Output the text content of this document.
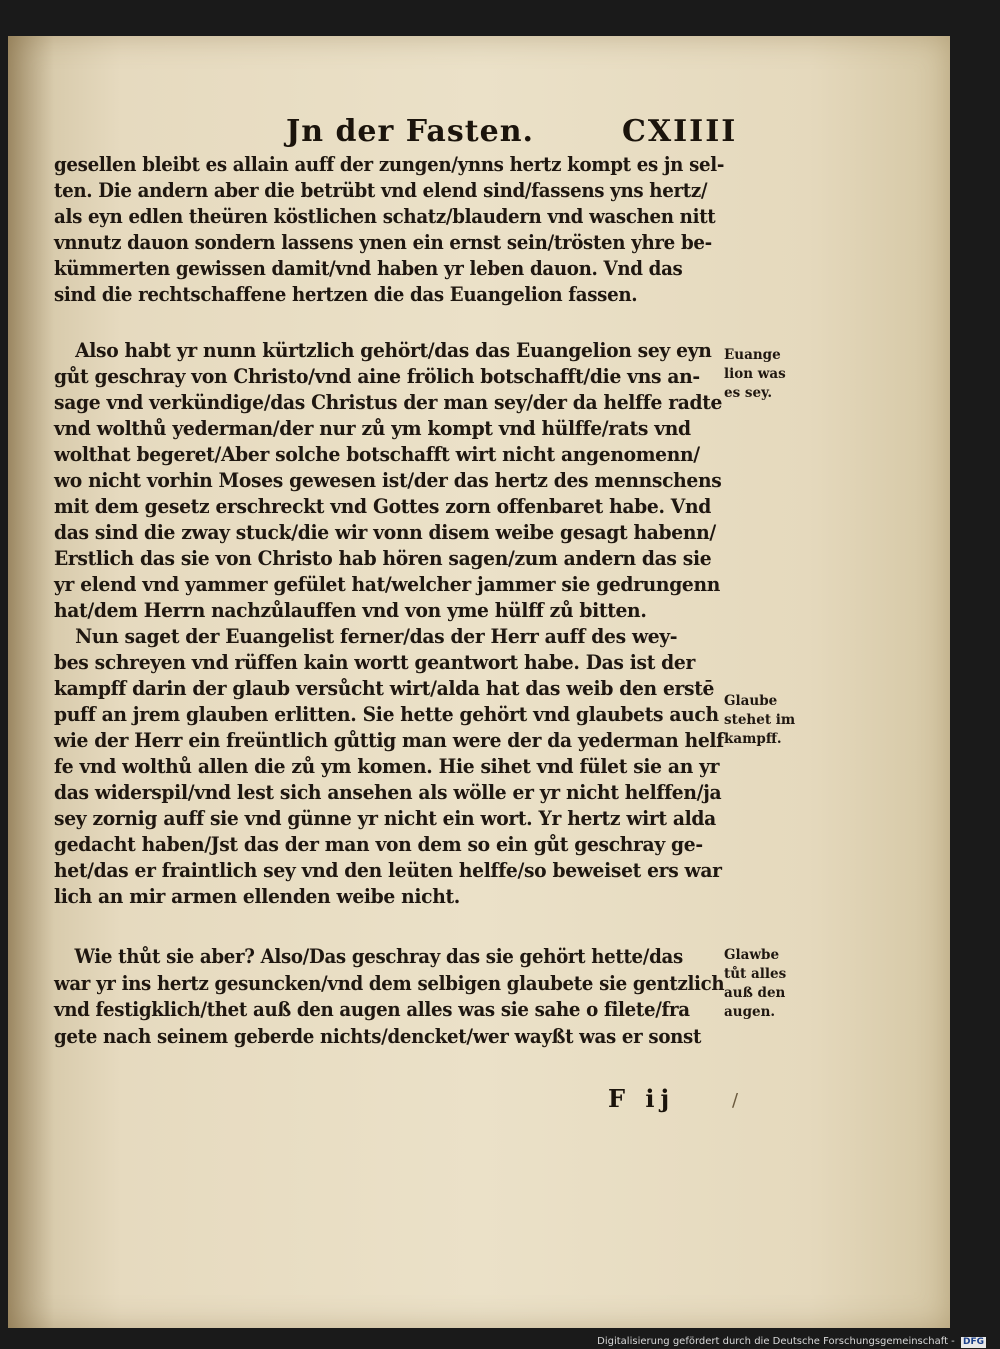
Jn der Fasten.	CXIIII
gesellen bleibt es allain auff der zungen/ynns hertz kompt es jn sel-
ten. Die andern aber die betrübt vnd elend sind/fassens yns hertz/
als eyn edlen theüren köstlichen schatz/blaudern vnd waschen nitt
vnnutz dauon sondern lassens ynen ein ernst sein/trösten yhre be-
kümmerten gewissen damit/vnd haben yr leben dauon. Vnd das
sind die rechtschaffene hertzen die das Euangelion fassen.
Also habt yr nunn kürtzlich gehört/das das Euangelion sey eyn
gůt geschray von Christo/vnd aine frölich botschafft/die vns an-
sage vnd verkündige/das Christus der man sey/der da helffe radte
vnd wolthů yederman/der nur zů ym kompt vnd hülffe/rats vnd
wolthat begeret/Aber solche botschafft wirt nicht angenomenn/
wo nicht vorhin Moses gewesen ist/der das hertz des mennschens
mit dem gesetz erschreckt vnd Gottes zorn offenbaret habe. Vnd
das sind die zway stuck/die wir vonn disem weibe gesagt habenn/
Erstlich das sie von Christo hab hören sagen/zum andern das sie
yr elend vnd yammer gefület hat/welcher jammer sie gedrungenn
hat/dem Herrn nachzůlauffen vnd von yme hülff zů bitten.
Nun saget der Euangelist ferner/das der Herr auff des wey-
bes schreyen vnd rüffen kain wortt geantwort habe. Das ist der
kampff darin der glaub versůcht wirt/alda hat das weib den erstē
puff an jrem glauben erlitten. Sie hette gehört vnd glaubets auch
wie der Herr ein freüntlich gůttig man were der da yederman helf
fe vnd wolthů allen die zů ym komen. Hie sihet vnd fület sie an yr
das widerspil/vnd lest sich ansehen als wölle er yr nicht helffen/ja
sey zornig auff sie vnd günne yr nicht ein wort. Yr hertz wirt alda
gedacht haben/Jst das der man von dem so ein gůt geschray ge-
het/das er fraintlich sey vnd den leüten helffe/so beweiset ers war
lich an mir armen ellenden weibe nicht.
Wie thůt sie aber? Also/Das geschray das sie gehört hette/das
war yr ins hertz gesuncken/vnd dem selbigen glaubete sie gentzlich
vnd festigklich/thet auß den augen alles was sie sahe o filete/fra
gete nach seinem geberde nichts/dencket/wer wayßt was er sonst
Euange
lion was
es sey.
Glaube
stehet im
kampff.
Glawbe
tůt alles
auß den
augen.
F ij	/
Digitalisierung gefördert durch die Deutsche Forschungsgemeinschaft - DFG
